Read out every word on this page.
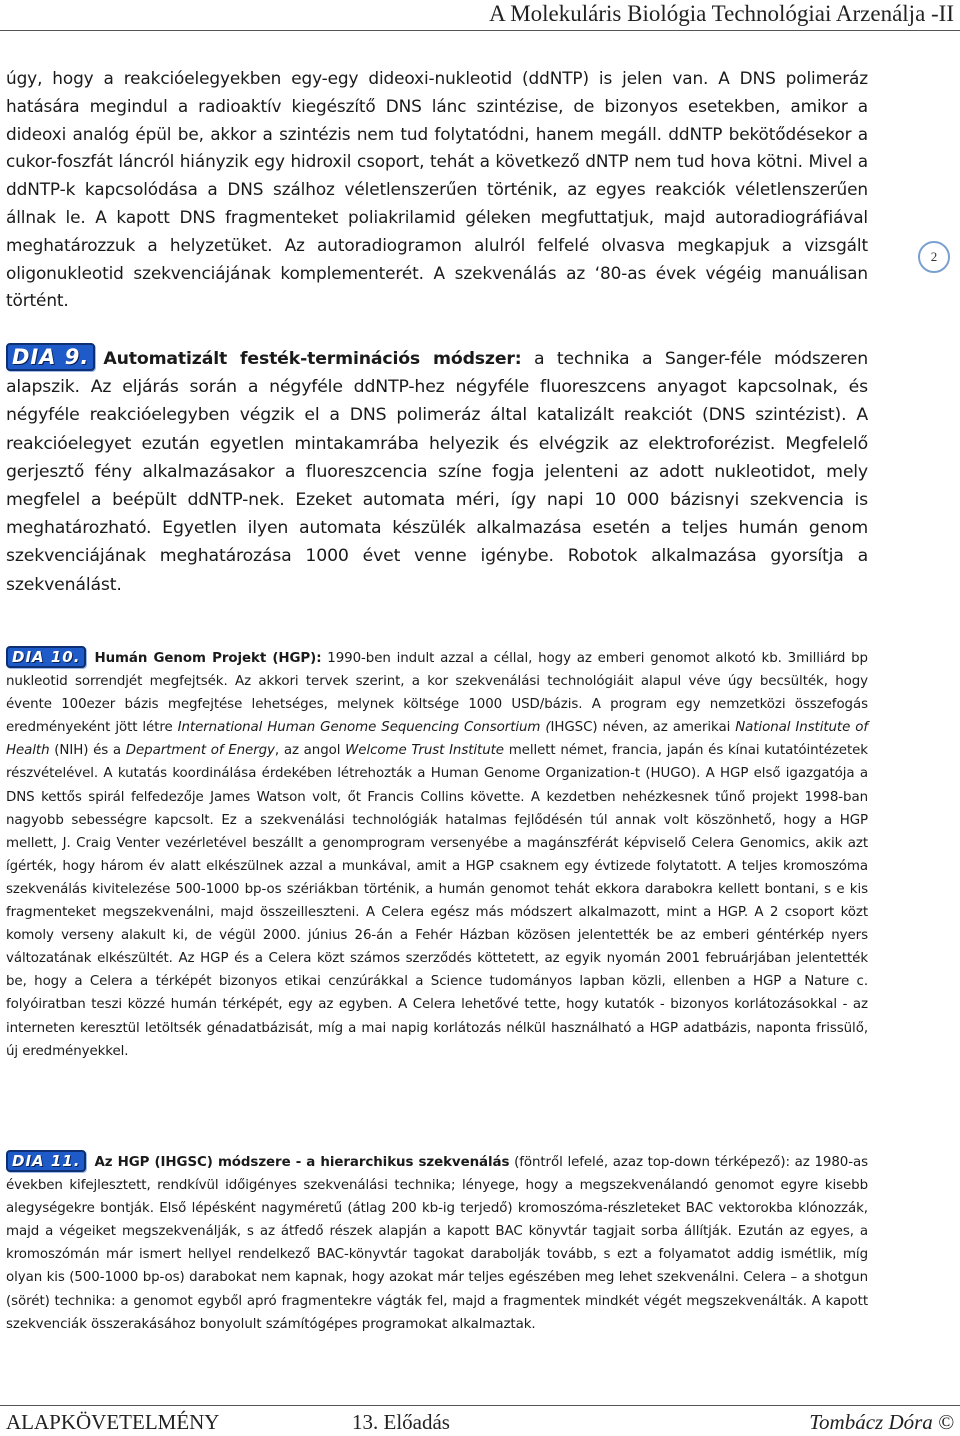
A Molekuláris Biológia Technológiai Arzenálja -II
2

úgy, hogy a reakcióelegyekben egy-egy dideoxi-nukleotid (ddNTP) is jelen van. A DNS polimeráz hatására megindul a radioaktív kiegészítő DNS lánc szintézise, de bizonyos esetekben, amikor a dideoxi analóg épül be, akkor a szintézis nem tud folytatódni, hanem megáll. ddNTP bekötődésekor a cukor-foszfát láncról hiányzik egy hidroxil csoport, tehát a következő dNTP nem tud hova kötni. Mivel a ddNTP-k kapcsolódása a DNS szálhoz véletlenszerűen történik, az egyes reakciók véletlenszerűen állnak le. A kapott DNS fragmenteket poliakrilamid géleken megfuttatjuk, majd autoradiográfiával meghatározzuk a helyzetüket. Az autoradiogramon alulról felfelé olvasva megkapjuk a vizsgált oligonukleotid szekvenciájának komplementerét. A szekvenálás az ‘80-as évek végéig manuálisan történt.

DIA 9. Automatizált festék-terminációs módszer: a technika a Sanger-féle módszeren alapszik. Az eljárás során a négyféle ddNTP-hez négyféle fluoreszcens anyagot kapcsolnak, és négyféle reakcióelegyben végzik el a DNS polimeráz által katalizált reakciót (DNS szintézist). A reakcióelegyet ezután egyetlen mintakamrába helyezik és elvégzik az elektroforézist. Megfelelő gerjesztő fény alkalmazásakor a fluoreszcencia színe fogja jelenteni az adott nukleotidot, mely megfelel a beépült ddNTP-nek. Ezeket automata méri, így napi 10 000 bázisnyi szekvencia is meghatározható. Egyetlen ilyen automata készülék alkalmazása esetén a teljes humán genom szekvenciájának meghatározása 1000 évet venne igénybe. Robotok alkalmazása gyorsítja a szekvenálást.

DIA 10. Humán Genom Projekt (HGP): 1990-ben indult azzal a céllal, hogy az emberi genomot alkotó kb. 3milliárd bp nukleotid sorrendjét megfejtsék. Az akkori tervek szerint, a kor szekvenálási technológiáit alapul véve úgy becsülték, hogy évente 100ezer bázis megfejtése lehetséges, melynek költsége 1000 USD/bázis. A program egy nemzetközi összefogás eredményeként jött létre International Human Genome Sequencing Consortium (IHGSC) néven, az amerikai National Institute of Health (NIH) és a Department of Energy, az angol Welcome Trust Institute mellett német, francia, japán és kínai kutatóintézetek részvételével. A kutatás koordinálása érdekében létrehozták a Human Genome Organization-t (HUGO). A HGP első igazgatója a DNS kettős spirál felfedezője James Watson volt, őt Francis Collins követte. A kezdetben nehézkesnek tűnő projekt 1998-ban nagyobb sebességre kapcsolt. Ez a szekvenálási technológiák hatalmas fejlődésén túl annak volt köszönhető, hogy a HGP mellett, J. Craig Venter vezérletével beszállt a genomprogram versenyébe a magánszférát képviselő Celera Genomics, akik azt ígérték, hogy három év alatt elkészülnek azzal a munkával, amit a HGP csaknem egy évtizede folytatott. A teljes kromoszóma szekvenálás kivitelezése 500-1000 bp-os szériákban történik, a humán genomot tehát ekkora darabokra kellett bontani, s e kis fragmenteket megszekvenálni, majd összeilleszteni. A Celera egész más módszert alkalmazott, mint a HGP. A 2 csoport közt komoly verseny alakult ki, de végül 2000. június 26-án a Fehér Házban közösen jelentették be az emberi géntérkép nyers változatának elkészültét. Az HGP és a Celera közt számos szerződés köttetett, az egyik nyomán 2001 februárjában jelentették be, hogy a Celera a térképét bizonyos etikai cenzúrákkal a Science tudományos lapban közli, ellenben a HGP a Nature c. folyóiratban teszi közzé humán térképét, egy az egyben. A Celera lehetővé tette, hogy kutatók - bizonyos korlátozásokkal - az interneten keresztül letöltsék génadatbázisát, míg a mai napig korlátozás nélkül használható a HGP adatbázis, naponta frissülő, új eredményekkel.

DIA 11. Az HGP (IHGSC) módszere - a hierarchikus szekvenálás (föntről lefelé, azaz top-down térképező): az 1980-as években kifejlesztett, rendkívül időigényes szekvenálási technika; lényege, hogy a megszekvenálandó genomot egyre kisebb alegységekre bontják. Első lépésként nagyméretű (átlag 200 kb-ig terjedő) kromoszóma-részleteket BAC vektorokba klónozzák, majd a végeiket megszekvenálják, s az átfedő részek alapján a kapott BAC könyvtár tagjait sorba állítják. Ezután az egyes, a kromoszómán már ismert hellyel rendelkező BAC-könyvtár tagokat darabolják tovább, s ezt a folyamatot addig ismétlik, míg olyan kis (500-1000 bp-os) darabokat nem kapnak, hogy azokat már teljes egészében meg lehet szekvenálni. Celera – a shotgun (sörét) technika: a genomot egyből apró fragmentekre vágták fel, majd a fragmentek mindkét végét megszekvenálták. A kapott szekvenciák összerakásához bonyolult számítógépes programokat alkalmaztak.

ALAPKÖVETELMÉNY	13. Előadás	Tombácz Dóra ©
